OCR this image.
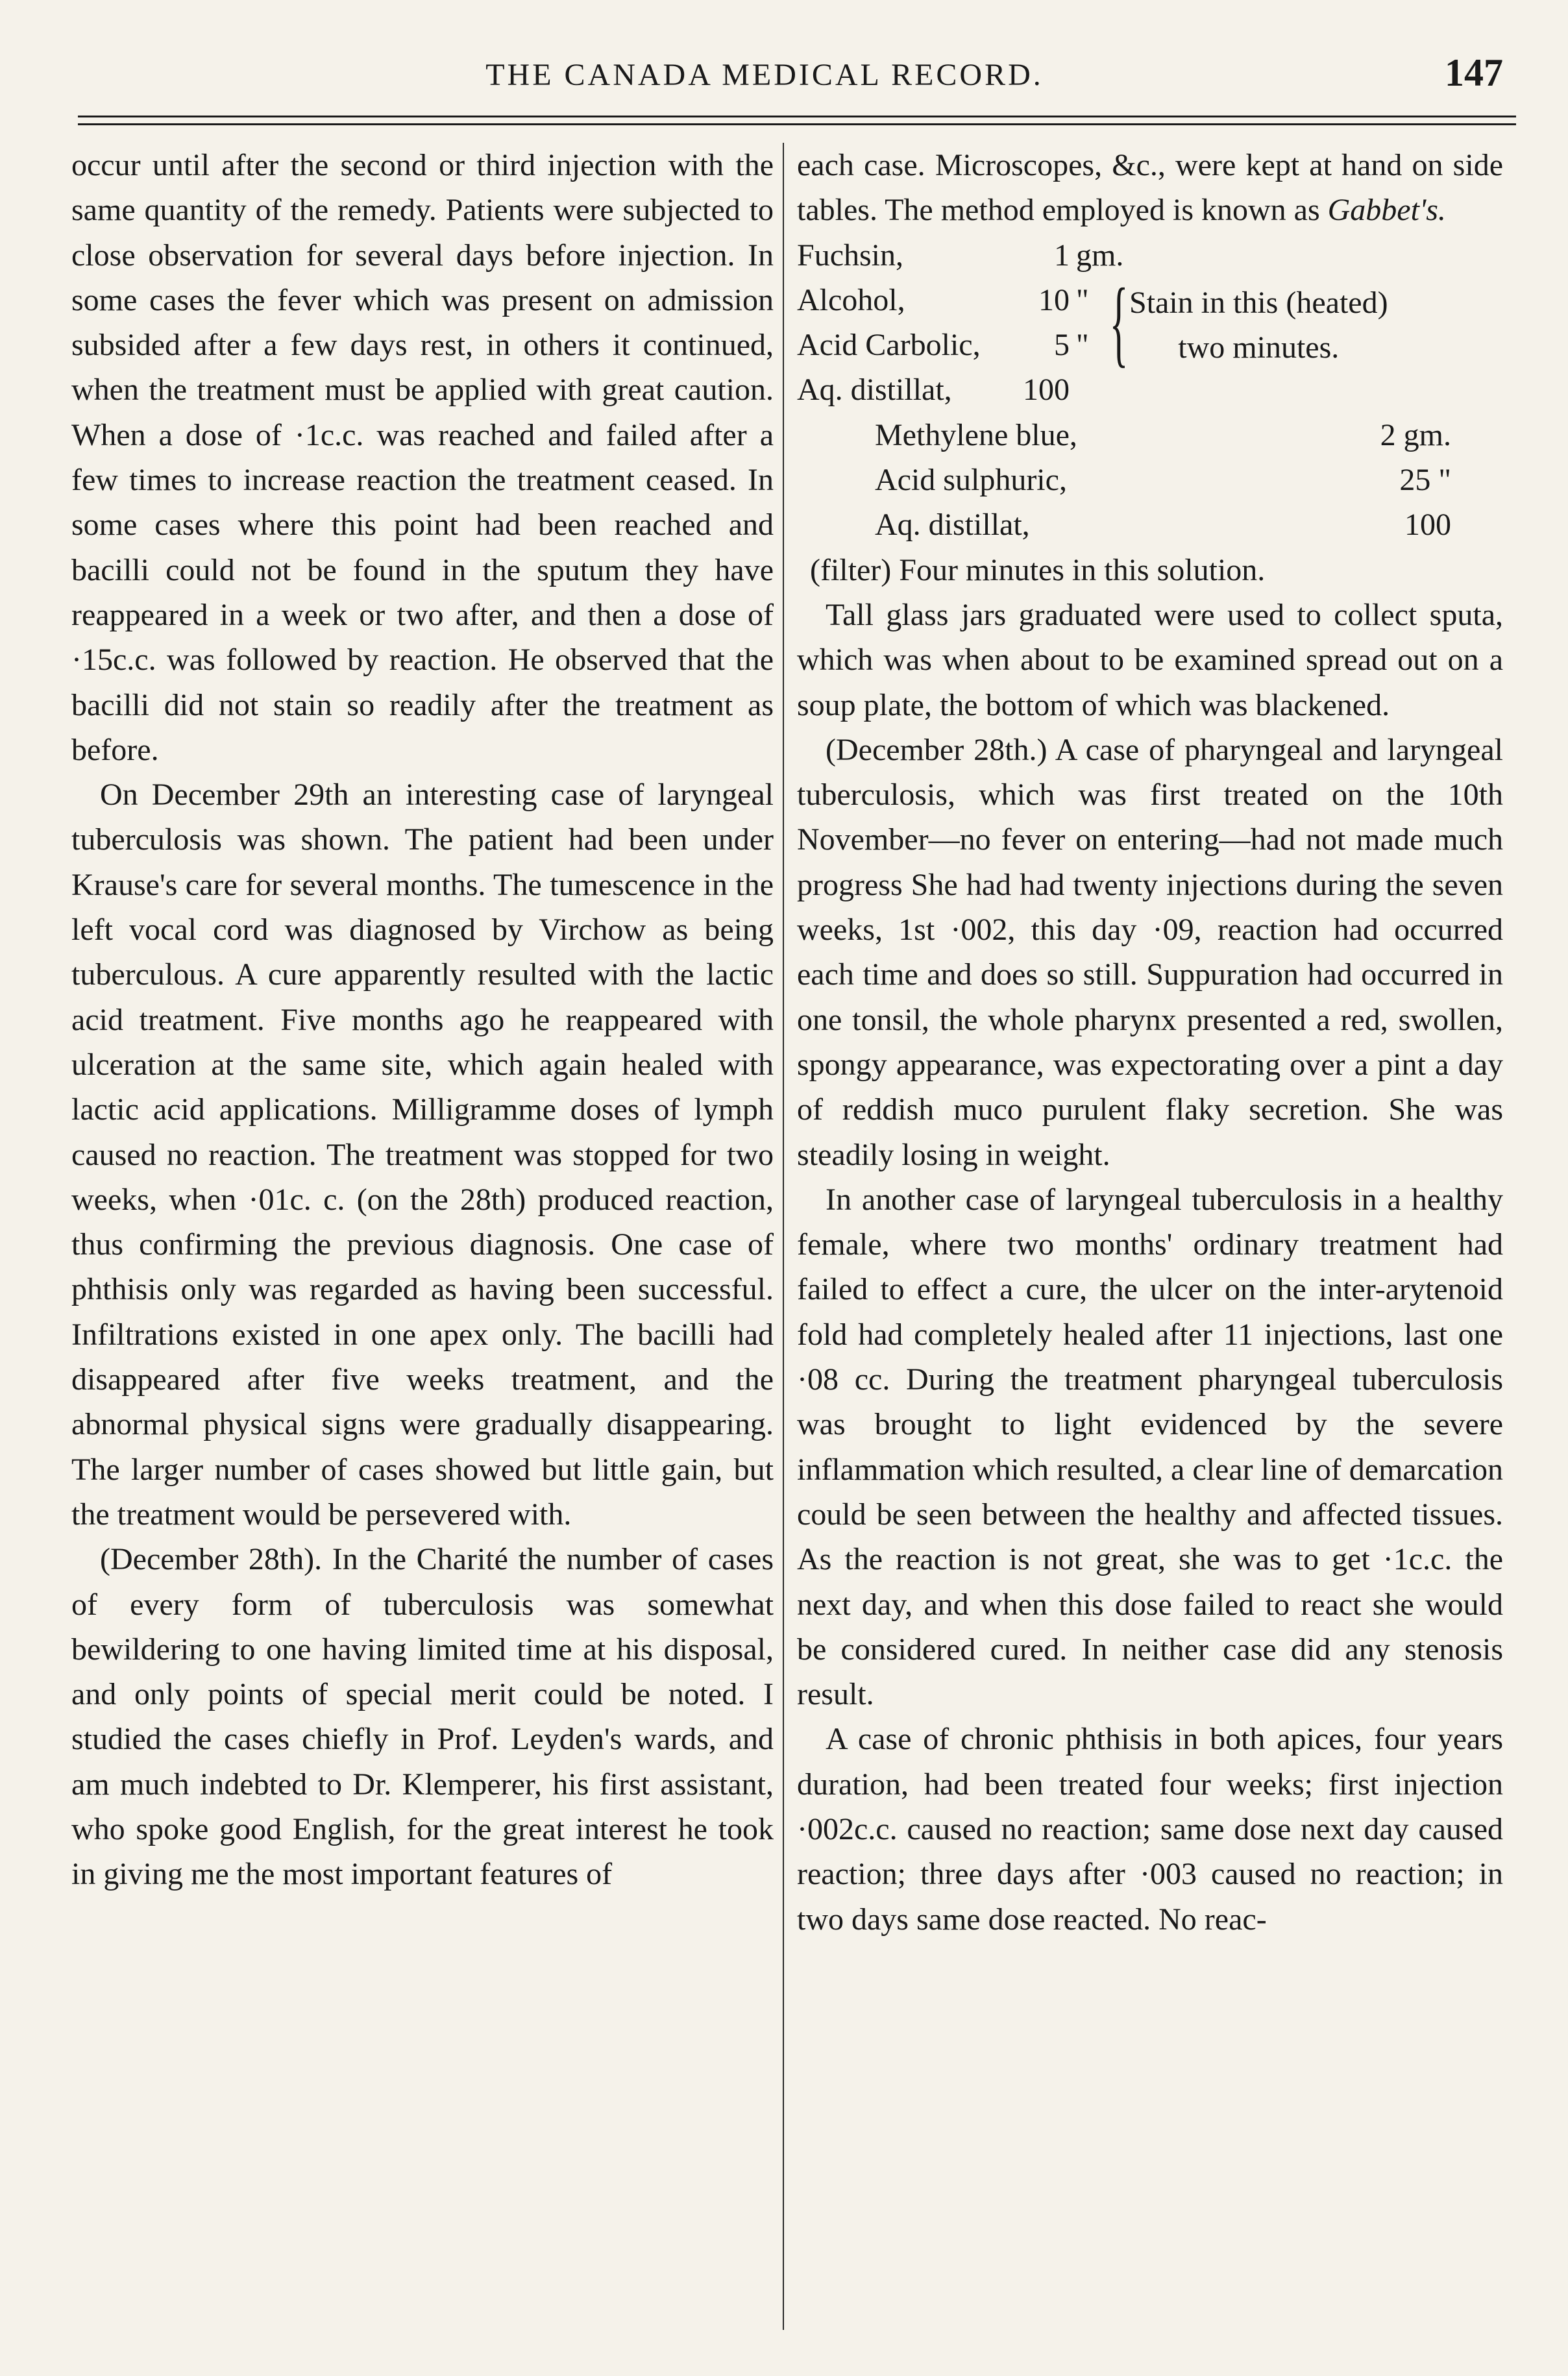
THE CANADA MEDICAL RECORD.	147

occur until after the second or third injection with the same quantity of the remedy. Patients were subjected to close observation for several days before injection. In some cases the fever which was present on admission subsided after a few days rest, in others it continued, when the treatment must be applied with great caution. When a dose of ·1c.c. was reached and failed after a few times to increase reaction the treatment ceased. In some cases where this point had been reached and bacilli could not be found in the sputum they have reappeared in a week or two after, and then a dose of ·15c.c. was followed by reaction. He observed that the bacilli did not stain so readily after the treatment as before.

On December 29th an interesting case of laryngeal tuberculosis was shown. The patient had been under Krause's care for several months. The tumescence in the left vocal cord was diagnosed by Virchow as being tuberculous. A cure apparently resulted with the lactic acid treatment. Five months ago he reappeared with ulceration at the same site, which again healed with lactic acid applications. Milligramme doses of lymph caused no reaction. The treatment was stopped for two weeks, when ·01c. c. (on the 28th) produced reaction, thus confirming the previous diagnosis. One case of phthisis only was regarded as having been successful. Infiltrations existed in one apex only. The bacilli had disappeared after five weeks treatment, and the abnormal physical signs were gradually disappearing. The larger number of cases showed but little gain, but the treatment would be persevered with.

(December 28th). In the Charité the number of cases of every form of tuberculosis was somewhat bewildering to one having limited time at his disposal, and only points of special merit could be noted. I studied the cases chiefly in Prof. Leyden's wards, and am much indebted to Dr. Klemperer, his first assistant, who spoke good English, for the great interest he took in giving me the most important features of

each case. Microscopes, &c., were kept at hand on side tables. The method employed is known as Gabbet's.

Fuchsin,	1 gm.
{ Stain in this (heated)
two minutes.
Alcohol,	10 "
Acid Carbolic,	5 "
Aq. distillat,	100
Methylene blue,	2 gm.
Acid sulphuric,	25 "
Aq. distillat,	100

(filter) Four minutes in this solution.

Tall glass jars graduated were used to collect sputa, which was when about to be examined spread out on a soup plate, the bottom of which was blackened.

(December 28th.) A case of pharyngeal and laryngeal tuberculosis, which was first treated on the 10th November—no fever on entering—had not made much progress She had had twenty injections during the seven weeks, 1st ·002, this day ·09, reaction had occurred each time and does so still. Suppuration had occurred in one tonsil, the whole pharynx presented a red, swollen, spongy appearance, was expectorating over a pint a day of reddish muco purulent flaky secretion. She was steadily losing in weight.

In another case of laryngeal tuberculosis in a healthy female, where two months' ordinary treatment had failed to effect a cure, the ulcer on the inter-arytenoid fold had completely healed after 11 injections, last one ·08 cc. During the treatment pharyngeal tuberculosis was brought to light evidenced by the severe inflammation which resulted, a clear line of demarcation could be seen between the healthy and affected tissues. As the reaction is not great, she was to get ·1c.c. the next day, and when this dose failed to react she would be considered cured. In neither case did any stenosis result.

A case of chronic phthisis in both apices, four years duration, had been treated four weeks; first injection ·002c.c. caused no reaction; same dose next day caused reaction; three days after ·003 caused no reaction; in two days same dose reacted. No reac-
